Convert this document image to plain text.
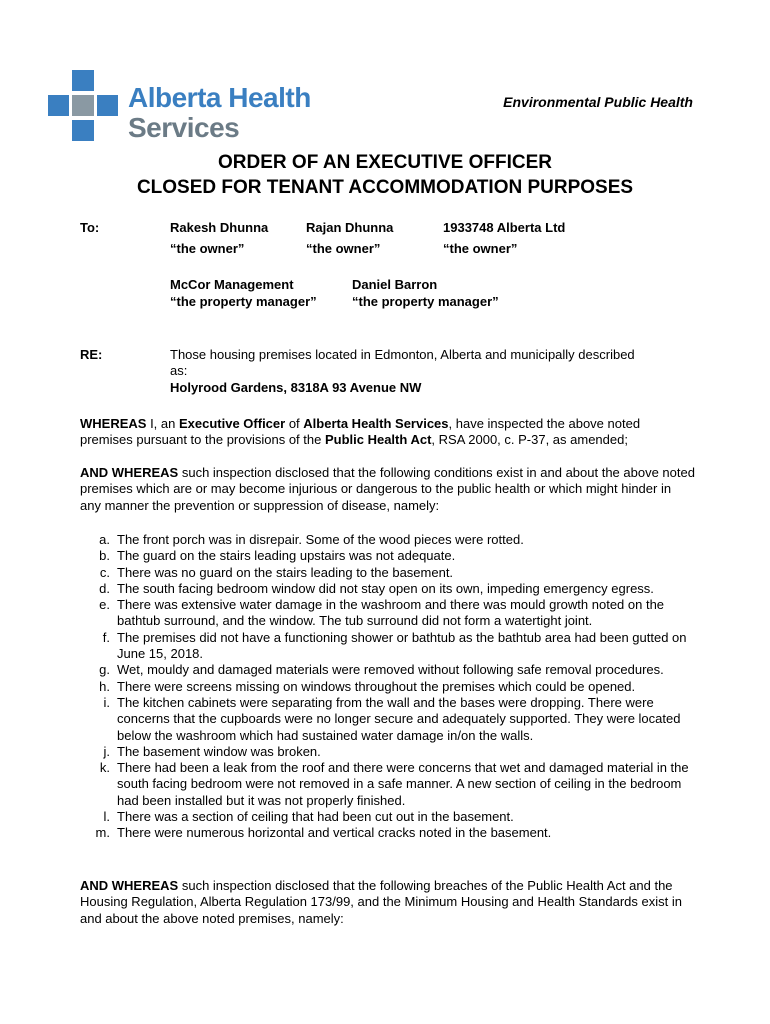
Alberta Health
Services
Environmental Public Health
ORDER OF AN EXECUTIVE OFFICER
CLOSED FOR TENANT ACCOMMODATION PURPOSES
To:	Rakesh Dhunna
“the owner”
Rajan Dhunna
“the owner”
1933748 Alberta Ltd
“the owner”
McCor Management
“the property manager”
Daniel Barron
“the property manager”
RE:	Those housing premises located in Edmonton, Alberta and municipally described
as:
Holyrood Gardens, 8318A 93 Avenue NW
WHEREAS I, an Executive Officer of Alberta Health Services, have inspected the above noted premises pursuant to the provisions of the Public Health Act, RSA 2000, c. P-37, as amended;
AND WHEREAS such inspection disclosed that the following conditions exist in and about the above noted premises which are or may become injurious or dangerous to the public health or which might hinder in any manner the prevention or suppression of disease, namely:
a. The front porch was in disrepair. Some of the wood pieces were rotted.
b. The guard on the stairs leading upstairs was not adequate.
c. There was no guard on the stairs leading to the basement.
d. The south facing bedroom window did not stay open on its own, impeding emergency egress.
e. There was extensive water damage in the washroom and there was mould growth noted on the bathtub surround, and the window. The tub surround did not form a watertight joint.
f. The premises did not have a functioning shower or bathtub as the bathtub area had been gutted on June 15, 2018.
g. Wet, mouldy and damaged materials were removed without following safe removal procedures.
h. There were screens missing on windows throughout the premises which could be opened.
i. The kitchen cabinets were separating from the wall and the bases were dropping. There were concerns that the cupboards were no longer secure and adequately supported. They were located below the washroom which had sustained water damage in/on the walls.
j. The basement window was broken.
k. There had been a leak from the roof and there were concerns that wet and damaged material in the south facing bedroom were not removed in a safe manner. A new section of ceiling in the bedroom had been installed but it was not properly finished.
l. There was a section of ceiling that had been cut out in the basement.
m. There were numerous horizontal and vertical cracks noted in the basement.
AND WHEREAS such inspection disclosed that the following breaches of the Public Health Act and the Housing Regulation, Alberta Regulation 173/99, and the Minimum Housing and Health Standards exist in and about the above noted premises, namely:
